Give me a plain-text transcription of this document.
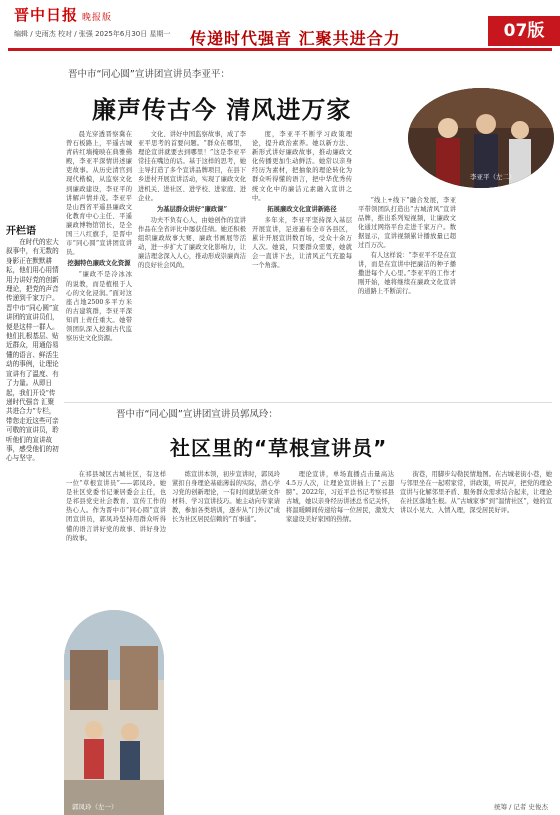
晋中日报 晚报版
编辑 / 史雨杰 校对 / 张强 2025年6月30日 星期一 传递时代强音 汇聚共进合力	07版
晋中市“同心圆”宣讲团宣讲员李亚平：
廉声传古今 清风进万家
李亚平（左二）

晨光穿透晋察冀在曾石板路上，平遥古城青砖红墙掩映在典雅佛殿，李亚平深情讲述廉吏故事。从历史清官到现代楷模，从监察文化到廉政建设，李亚平的讲解声情并茂。李亚平是山西省平遥县廉政文化教育中心主任、平遥廉政博物馆馆长，是全国三八红旗手，是晋中市“同心圆”宣讲团宣讲员。

挖掘特色廉政文化资源

“廉政不是冷冰冰的说教，而是植根于人心的文化浸润。”面对这座占地2500多平方米的古建筑群，李亚平深知肩上责任重大。她带领团队深入挖掘古代监察历史文化资源。

文化、讲好中国监察故事，成了李亚平思考的首要问题。“群众在哪里，理论宣讲就要去到哪里！”这是李亚平常挂在嘴边的话。基于这样的思考，她主导打造了多个宣讲品牌项目，在县下乡进村开展宣讲活动，实现了廉政文化进机关、进社区、进学校、进家庭、进企业。

为基层群众讲好“廉政课”

功夫不负有心人，由她创作的宣讲作品在全省评比中屡获佳绩。她还积极组织廉政故事大赛、廉政书画展等活动，进一步扩大了廉政文化影响力，让廉洁理念深入人心，推动形成崇廉尚洁的良好社会风尚。

度，李亚平不断学习政策理论，提升政治素养。她以新方法、新形式讲好廉政故事，推动廉政文化传播更加生动鲜活。她常以亲身经历为素材，把抽象的理论转化为群众听得懂的语言，把中华优秀传统文化中的廉洁元素融入宣讲之中。

拓展廉政文化宣讲新路径

多年来，李亚平坚持深入基层开展宣讲，足迹遍布全市各县区，累计开展宣讲数百场，受众十余万人次。她说，只要群众需要，她就会一直讲下去，让清风正气充盈每一个角落。

“线上+线下”融合发展，李亚平带领团队打造出“古城清风”宣讲品牌，推出系列短视频，让廉政文化通过网络平台走进千家万户。数据显示，宣讲视频累计播放量已超过百万次。

有人这样说：“李亚平不是在宣讲，而是在宣讲中把廉洁的种子播撒进每个人心里。”李亚平的工作才刚开始，她将继续在廉政文化宣讲的道路上不断前行。

开栏语

在时代的宏大叙事中，有无数的身影正在默默耕耘，他们用心用情用力讲好党的创新理论，把党的声音传递到千家万户。晋中市“同心圆”宣讲团的宣讲员们，便是这样一群人。他们扎根基层、贴近群众，用通俗易懂的语言、鲜活生动的事例，让理论宣讲有了温度、有了力量。从即日起，我们开设“传递时代强音 汇聚共进合力”专栏，带您走近这些可亲可敬的宣讲员，聆听他们的宣讲故事，感受他们的初心与坚守。

晋中市“同心圆”宣讲团宣讲员郭凤玲：
社区里的“草根宣讲员”

在祁县城区古城社区，有这样一位“草根宣讲员”——郭凤玲。她是社区党委书记兼居委会主任，也是祁县党史社会教育、宣传工作的热心人。作为晋中市“同心圆”宣讲团宣讲员，郭凤玲坚持用群众听得懂的语言讲好党的故事、讲好身边的故事。

练宣讲本领，初步宣讲时，郭凤玲紧扣自身理论基础薄弱的实际，潜心学习党的创新理论，一有时间就钻研文件材料、学习宣讲技巧。她主动向专家请教，参加各类培训，逐步从“门外汉”成长为社区居民信赖的“百事通”。

理论宣讲，单场直播点击量高达4.5万人次，让理论宣讲插上了“云翅膀”。2022年，习近平总书记考察祁县古城，她以亲身经历讲述总书记关怀，将温暖瞬间传递给每一位居民，激发大家建设美好家园的热情。

街巷，用脚步勾勒民情地图。在古城老街小巷，她与邻里坐在一起唠家常，讲政策，听民声，把党的理论宣讲与化解邻里矛盾、服务群众需求结合起来，让理论在社区落地生根。从“古城家事”到“温情社区”，她的宣讲以小见大、入情入理，深受居民好评。

郭凤玲（左一）	统筹 / 记者 史俊杰
